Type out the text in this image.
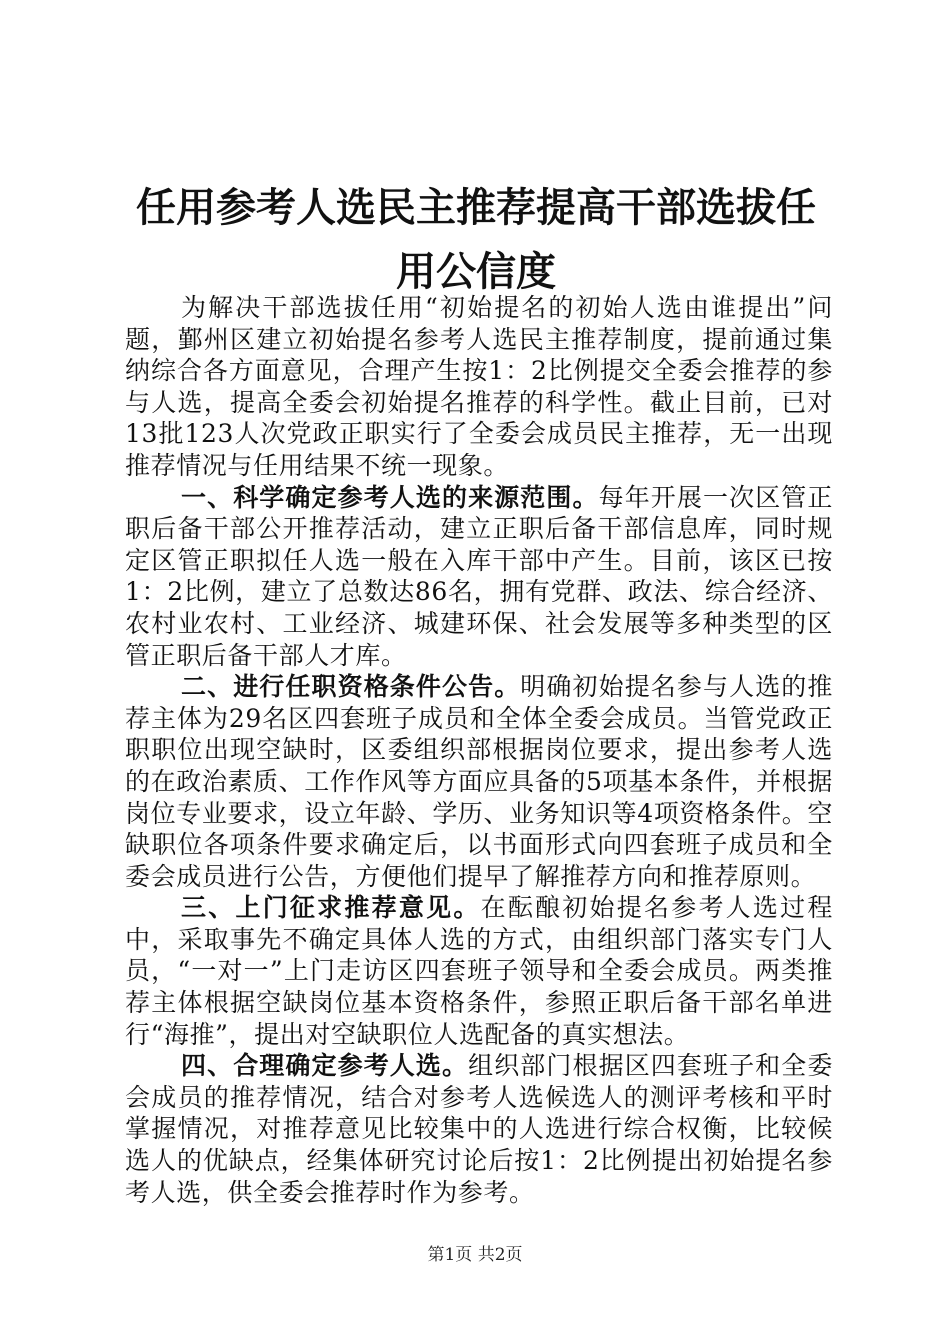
任用参考人选民主推荐提高干部选拔任用公信度

为解决干部选拔任用“初始提名的初始人选由谁提出”问题，鄞州区建立初始提名参考人选民主推荐制度，提前通过集纳综合各方面意见，合理产生按1：2比例提交全委会推荐的参与人选，提高全委会初始提名推荐的科学性。截止目前，已对13批123人次党政正职实行了全委会成员民主推荐，无一出现推荐情况与任用结果不统一现象。

一、科学确定参考人选的来源范围。每年开展一次区管正职后备干部公开推荐活动，建立正职后备干部信息库，同时规定区管正职拟任人选一般在入库干部中产生。目前，该区已按1：2比例，建立了总数达86名，拥有党群、政法、综合经济、农村业农村、工业经济、城建环保、社会发展等多种类型的区管正职后备干部人才库。

二、进行任职资格条件公告。明确初始提名参与人选的推荐主体为29名区四套班子成员和全体全委会成员。当管党政正职职位出现空缺时，区委组织部根据岗位要求，提出参考人选的在政治素质、工作作风等方面应具备的5项基本条件，并根据岗位专业要求，设立年龄、学历、业务知识等4项资格条件。空缺职位各项条件要求确定后，以书面形式向四套班子成员和全委会成员进行公告，方便他们提早了解推荐方向和推荐原则。

三、上门征求推荐意见。在酝酿初始提名参考人选过程中，采取事先不确定具体人选的方式，由组织部门落实专门人员，“一对一”上门走访区四套班子领导和全委会成员。两类推荐主体根据空缺岗位基本资格条件，参照正职后备干部名单进行“海推”，提出对空缺职位人选配备的真实想法。

四、合理确定参考人选。组织部门根据区四套班子和全委会成员的推荐情况，结合对参考人选候选人的测评考核和平时掌握情况，对推荐意见比较集中的人选进行综合权衡，比较候选人的优缺点，经集体研究讨论后按1：2比例提出初始提名参考人选，供全委会推荐时作为参考。

第1页 共2页
